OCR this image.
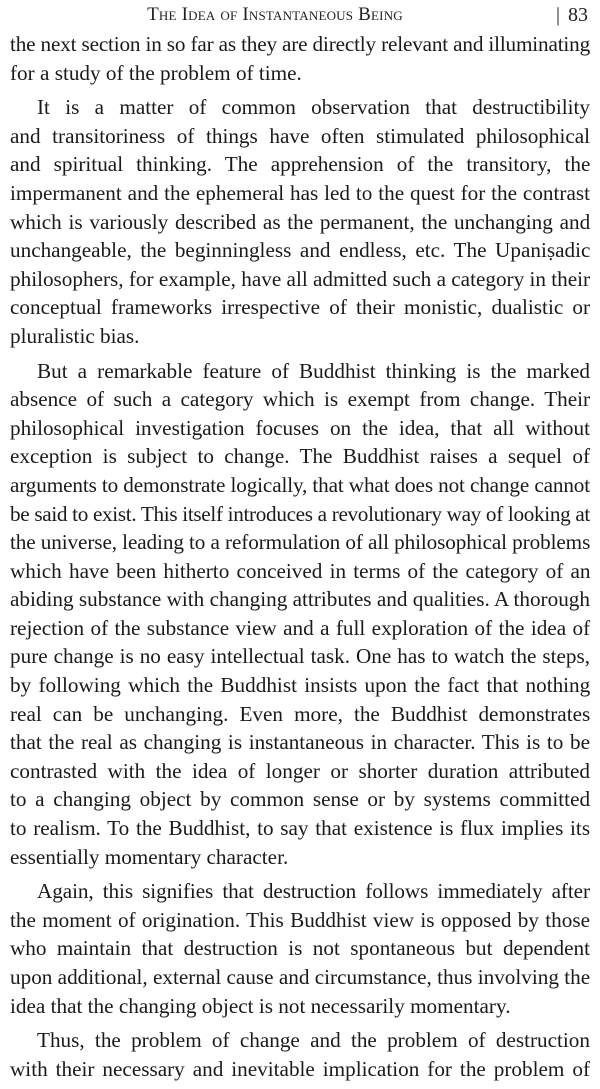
The Idea of Instantaneous Being	| 83

the next section in so far as they are directly relevant and illuminating
for a study of the problem of time.

It is a matter of common observation that destructibility
and transitoriness of things have often stimulated philosophical
and spiritual thinking. The apprehension of the transitory, the
impermanent and the ephemeral has led to the quest for the contrast
which is variously described as the permanent, the unchanging and
unchangeable, the beginningless and endless, etc. The Upaniṣadic
philosophers, for example, have all admitted such a category in their
conceptual frameworks irrespective of their monistic, dualistic or
pluralistic bias.

But a remarkable feature of Buddhist thinking is the marked
absence of such a category which is exempt from change. Their
philosophical investigation focuses on the idea, that all without
exception is subject to change. The Buddhist raises a sequel of
arguments to demonstrate logically, that what does not change cannot
be said to exist. This itself introduces a revolutionary way of looking at
the universe, leading to a reformulation of all philosophical problems
which have been hitherto conceived in terms of the category of an
abiding substance with changing attributes and qualities. A thorough
rejection of the substance view and a full exploration of the idea of
pure change is no easy intellectual task. One has to watch the steps,
by following which the Buddhist insists upon the fact that nothing
real can be unchanging. Even more, the Buddhist demonstrates
that the real as changing is instantaneous in character. This is to be
contrasted with the idea of longer or shorter duration attributed
to a changing object by common sense or by systems committed
to realism. To the Buddhist, to say that existence is flux implies its
essentially momentary character.

Again, this signifies that destruction follows immediately after
the moment of origination. This Buddhist view is opposed by those
who maintain that destruction is not spontaneous but dependent
upon additional, external cause and circumstance, thus involving the
idea that the changing object is not necessarily momentary.

Thus, the problem of change and the problem of destruction
with their necessary and inevitable implication for the problem of
